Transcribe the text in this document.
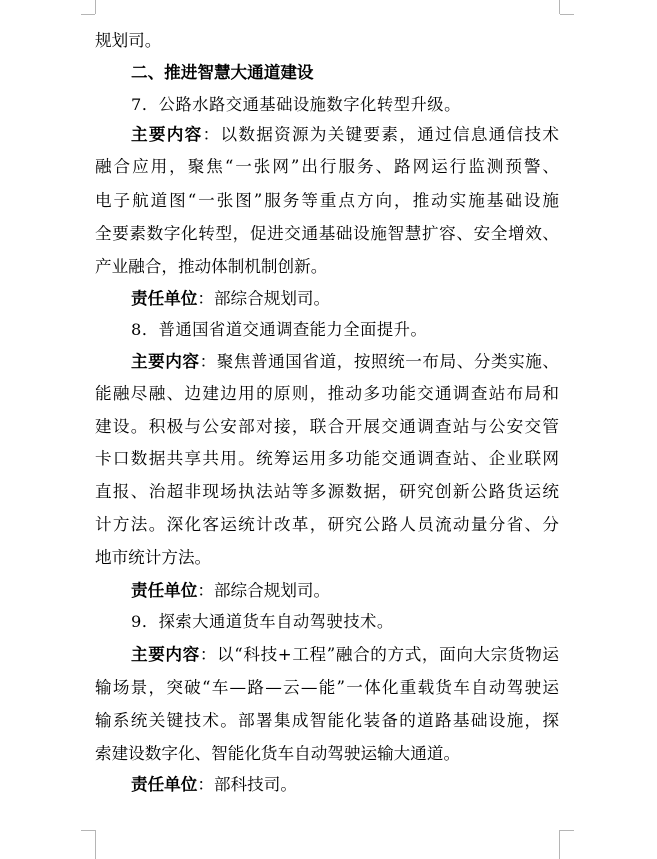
规划司。
二、推进智慧大通道建设
7．公路水路交通基础设施数字化转型升级。
主要内容：以数据资源为关键要素，通过信息通信技术
融合应用，聚焦“一张网”出行服务、路网运行监测预警、
电子航道图“一张图”服务等重点方向，推动实施基础设施
全要素数字化转型，促进交通基础设施智慧扩容、安全增效、
产业融合，推动体制机制创新。
责任单位：部综合规划司。
8．普通国省道交通调查能力全面提升。
主要内容：聚焦普通国省道，按照统一布局、分类实施、
能融尽融、边建边用的原则，推动多功能交通调查站布局和
建设。积极与公安部对接，联合开展交通调查站与公安交管
卡口数据共享共用。统筹运用多功能交通调查站、企业联网
直报、治超非现场执法站等多源数据，研究创新公路货运统
计方法。深化客运统计改革，研究公路人员流动量分省、分
地市统计方法。
责任单位：部综合规划司。
9．探索大通道货车自动驾驶技术。
主要内容：以“科技+工程”融合的方式，面向大宗货物运
输场景，突破“车—路—云—能”一体化重载货车自动驾驶运
输系统关键技术。部署集成智能化装备的道路基础设施，探
索建设数字化、智能化货车自动驾驶运输大通道。
责任单位：部科技司。
